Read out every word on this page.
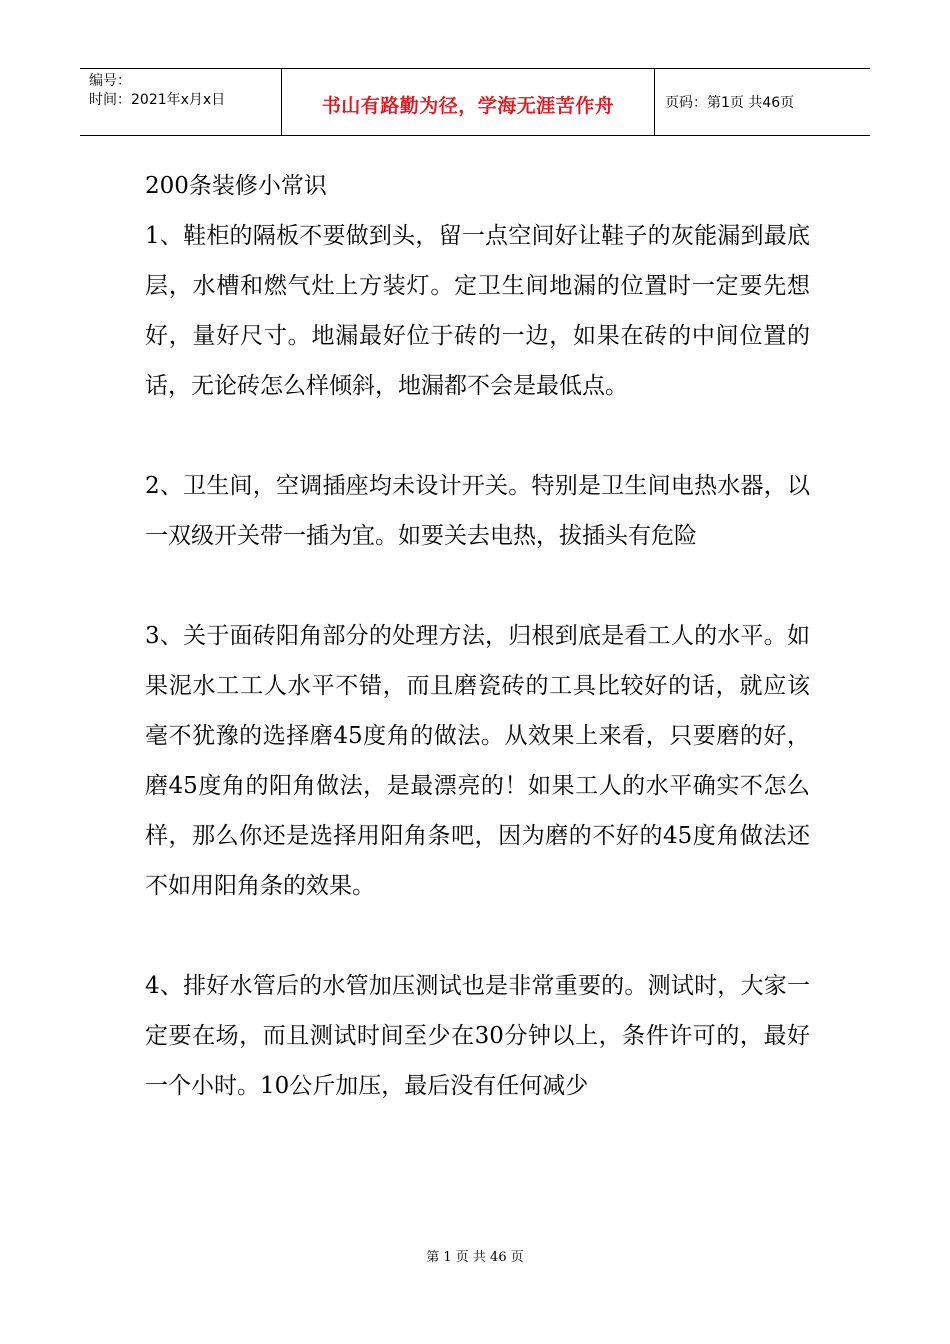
编号：
时间：2021年x月x日	书山有路勤为径，学海无涯苦作舟	页码：第1页 共46页

200条装修小常识

1、鞋柜的隔板不要做到头，留一点空间好让鞋子的灰能漏到最底层，水槽和燃气灶上方装灯。定卫生间地漏的位置时一定要先想好，量好尺寸。地漏最好位于砖的一边，如果在砖的中间位置的话，无论砖怎么样倾斜，地漏都不会是最低点。

2、卫生间，空调插座均未设计开关。特别是卫生间电热水器，以一双级开关带一插为宜。如要关去电热，拔插头有危险

3、关于面砖阳角部分的处理方法，归根到底是看工人的水平。如果泥水工工人水平不错，而且磨瓷砖的工具比较好的话，就应该毫不犹豫的选择磨45度角的做法。从效果上来看，只要磨的好，磨45度角的阳角做法，是最漂亮的！如果工人的水平确实不怎么样，那么你还是选择用阳角条吧，因为磨的不好的45度角做法还不如用阳角条的效果。

4、排好水管后的水管加压测试也是非常重要的。测试时，大家一定要在场，而且测试时间至少在30分钟以上，条件许可的，最好一个小时。10公斤加压，最后没有任何减少

第 1 页 共 46 页
